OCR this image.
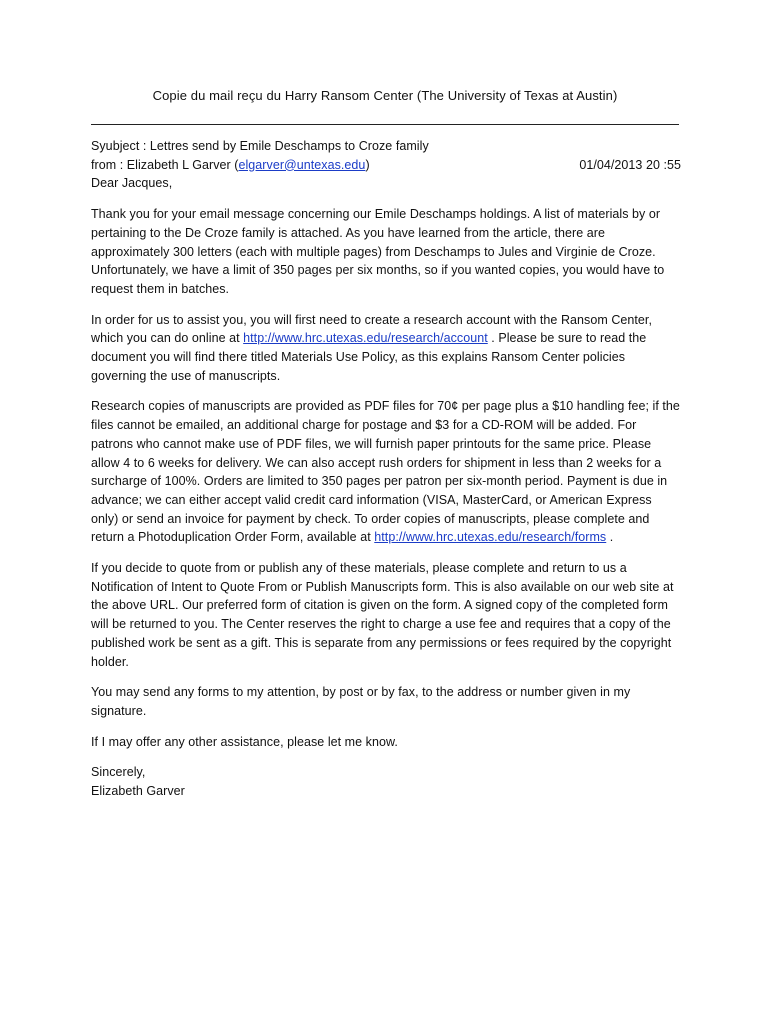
Copie du mail reçu du Harry Ransom Center (The University of Texas at Austin)
Syubject : Lettres send by Emile Deschamps to Croze family
from : Elizabeth L Garver (elgarver@untexas.edu)	01/04/2013 20 :55

Dear Jacques,

Thank you for your email message concerning our Emile Deschamps holdings. A list of materials by or pertaining to the De Croze family is attached. As you have learned from the article, there are approximately 300 letters (each with multiple pages) from Deschamps to Jules and Virginie de Croze. Unfortunately, we have a limit of 350 pages per six months, so if you wanted copies, you would have to request them in batches.

In order for us to assist you, you will first need to create a research account with the Ransom Center, which you can do online at http://www.hrc.utexas.edu/research/account . Please be sure to read the document you will find there titled Materials Use Policy, as this explains Ransom Center policies governing the use of manuscripts.

Research copies of manuscripts are provided as PDF files for 70¢ per page plus a $10 handling fee; if the files cannot be emailed, an additional charge for postage and $3 for a CD-ROM will be added. For patrons who cannot make use of PDF files, we will furnish paper printouts for the same price. Please allow 4 to 6 weeks for delivery. We can also accept rush orders for shipment in less than 2 weeks for a surcharge of 100%. Orders are limited to 350 pages per patron per six-month period. Payment is due in advance; we can either accept valid credit card information (VISA, MasterCard, or American Express only) or send an invoice for payment by check. To order copies of manuscripts, please complete and return a Photoduplication Order Form, available at http://www.hrc.utexas.edu/research/forms .

If you decide to quote from or publish any of these materials, please complete and return to us a Notification of Intent to Quote From or Publish Manuscripts form. This is also available on our web site at the above URL. Our preferred form of citation is given on the form. A signed copy of the completed form will be returned to you. The Center reserves the right to charge a use fee and requires that a copy of the published work be sent as a gift. This is separate from any permissions or fees required by the copyright holder.

You may send any forms to my attention, by post or by fax, to the address or number given in my signature.

If I may offer any other assistance, please let me know.

Sincerely,
Elizabeth Garver
